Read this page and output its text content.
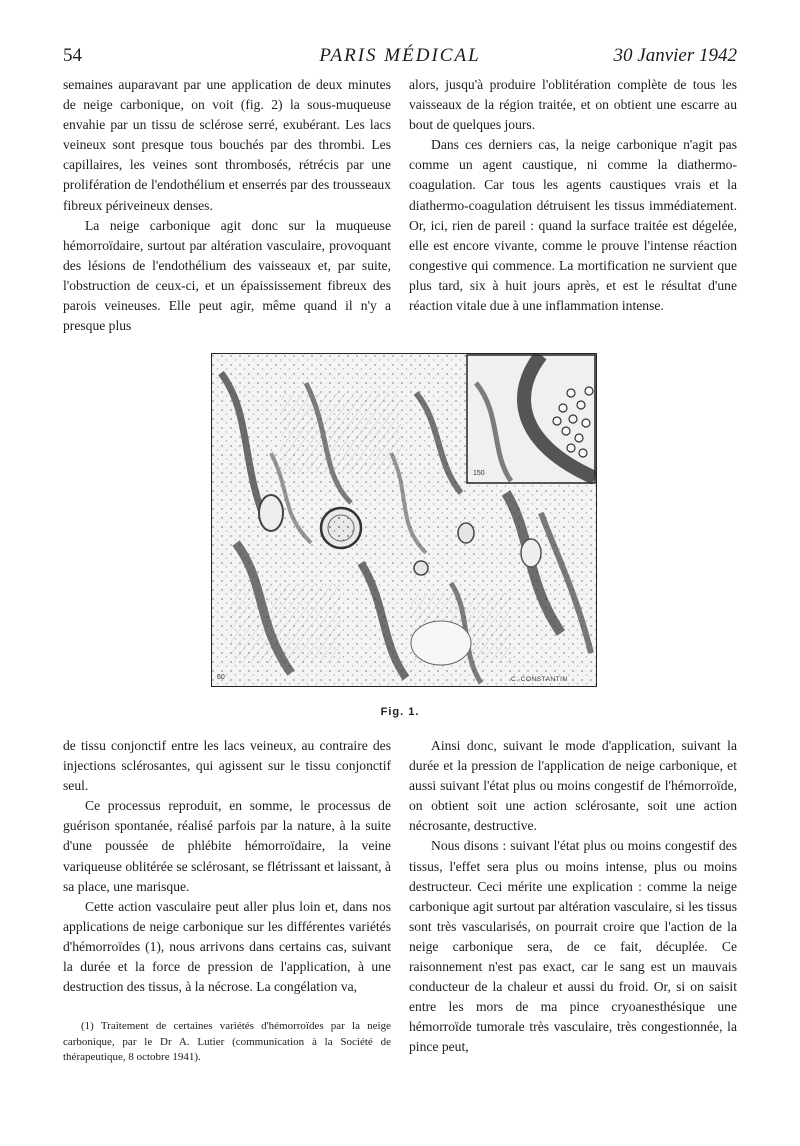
54	PARIS MÉDICAL	30 Janvier 1942

semaines auparavant par une application de deux minutes de neige carbonique, on voit (fig. 2) la sous-muqueuse envahie par un tissu de sclérose serré, exubérant. Les lacs veineux sont presque tous bouchés par des thrombi. Les capillaires, les veines sont thrombosés, rétrécis par une prolifération de l'endothélium et enserrés par des trousseaux fibreux périveineux denses.

La neige carbonique agit donc sur la muqueuse hémorroïdaire, surtout par altération vasculaire, provoquant des lésions de l'endothélium des vaisseaux et, par suite, l'obstruction de ceux-ci, et un épaississement fibreux des parois veineuses. Elle peut agir, même quand il n'y a presque plus

alors, jusqu'à produire l'oblitération complète de tous les vaisseaux de la région traitée, et on obtient une escarre au bout de quelques jours.

Dans ces derniers cas, la neige carbonique n'agit pas comme un agent caustique, ni comme la diathermo-coagulation. Car tous les agents caustiques vrais et la diathermo-coagulation détruisent les tissus immédiatement. Or, ici, rien de pareil : quand la surface traitée est dégelée, elle est encore vivante, comme le prouve l'intense réaction congestive qui commence. La mortification ne survient que plus tard, six à huit jours après, et est le résultat d'une réaction vitale due à une inflammation intense.

150
60	C. CONSTANTIN
Fig. 1.

de tissu conjonctif entre les lacs veineux, au contraire des injections sclérosantes, qui agissent sur le tissu conjonctif seul.

Ce processus reproduit, en somme, le processus de guérison spontanée, réalisé parfois par la nature, à la suite d'une poussée de phlébite hémorroïdaire, la veine variqueuse oblitérée se sclérosant, se flétrissant et laissant, à sa place, une marisque.

Cette action vasculaire peut aller plus loin et, dans nos applications de neige carbonique sur les différentes variétés d'hémorroïdes (1), nous arrivons dans certains cas, suivant la durée et la force de pression de l'application, à une destruction des tissus, à la nécrose. La congélation va,

(1) Traitement de certaines variétés d'hémorroïdes par la neige carbonique, par le Dr A. Lutier (communication à la Société de thérapeutique, 8 octobre 1941).

Ainsi donc, suivant le mode d'application, suivant la durée et la pression de l'application de neige carbonique, et aussi suivant l'état plus ou moins congestif de l'hémorroïde, on obtient soit une action sclérosante, soit une action nécrosante, destructive.

Nous disons : suivant l'état plus ou moins congestif des tissus, l'effet sera plus ou moins intense, plus ou moins destructeur. Ceci mérite une explication : comme la neige carbonique agit surtout par altération vasculaire, si les tissus sont très vascularisés, on pourrait croire que l'action de la neige carbonique sera, de ce fait, décuplée. Ce raisonnement n'est pas exact, car le sang est un mauvais conducteur de la chaleur et aussi du froid. Or, si on saisit entre les mors de ma pince cryoanesthésique une hémorroïde tumorale très vasculaire, très congestionnée, la pince peut,
